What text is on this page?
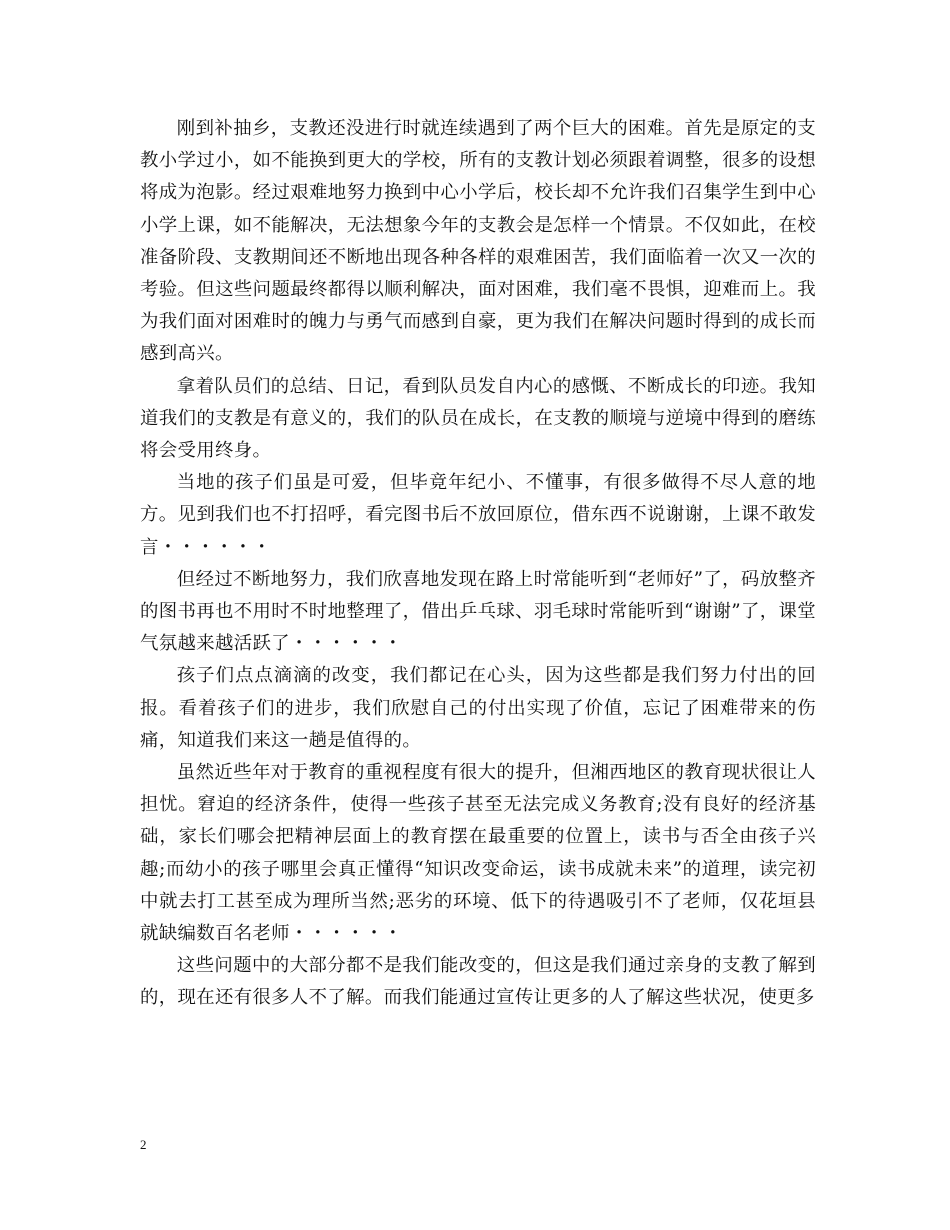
刚到补抽乡，支教还没进行时就连续遇到了两个巨大的困难。首先是原定的支教小学过小，如不能换到更大的学校，所有的支教计划必须跟着调整，很多的设想将成为泡影。经过艰难地努力换到中心小学后，校长却不允许我们召集学生到中心小学上课，如不能解决，无法想象今年的支教会是怎样一个情景。不仅如此，在校准备阶段、支教期间还不断地出现各种各样的艰难困苦，我们面临着一次又一次的考验。但这些问题最终都得以顺利解决，面对困难，我们毫不畏惧，迎难而上。我为我们面对困难时的魄力与勇气而感到自豪，更为我们在解决问题时得到的成长而感到高兴。

拿着队员们的总结、日记，看到队员发自内心的感慨、不断成长的印迹。我知道我们的支教是有意义的，我们的队员在成长，在支教的顺境与逆境中得到的磨练将会受用终身。

当地的孩子们虽是可爱，但毕竟年纪小、不懂事，有很多做得不尽人意的地方。见到我们也不打招呼，看完图书后不放回原位，借东西不说谢谢，上课不敢发言・・・・・・

但经过不断地努力，我们欣喜地发现在路上时常能听到“老师好”了，码放整齐的图书再也不用时不时地整理了，借出乒乓球、羽毛球时常能听到“谢谢”了，课堂气氛越来越活跃了・・・・・・

孩子们点点滴滴的改变，我们都记在心头，因为这些都是我们努力付出的回报。看着孩子们的进步，我们欣慰自己的付出实现了价值，忘记了困难带来的伤痛，知道我们来这一趟是值得的。

虽然近些年对于教育的重视程度有很大的提升，但湘西地区的教育现状很让人担忧。窘迫的经济条件，使得一些孩子甚至无法完成义务教育;没有良好的经济基础，家长们哪会把精神层面上的教育摆在最重要的位置上，读书与否全由孩子兴趣;而幼小的孩子哪里会真正懂得“知识改变命运，读书成就未来”的道理，读完初中就去打工甚至成为理所当然;恶劣的环境、低下的待遇吸引不了老师，仅花垣县就缺编数百名老师・・・・・・

这些问题中的大部分都不是我们能改变的，但这是我们通过亲身的支教了解到的，现在还有很多人不了解。而我们能通过宣传让更多的人了解这些状况，使更多

2
